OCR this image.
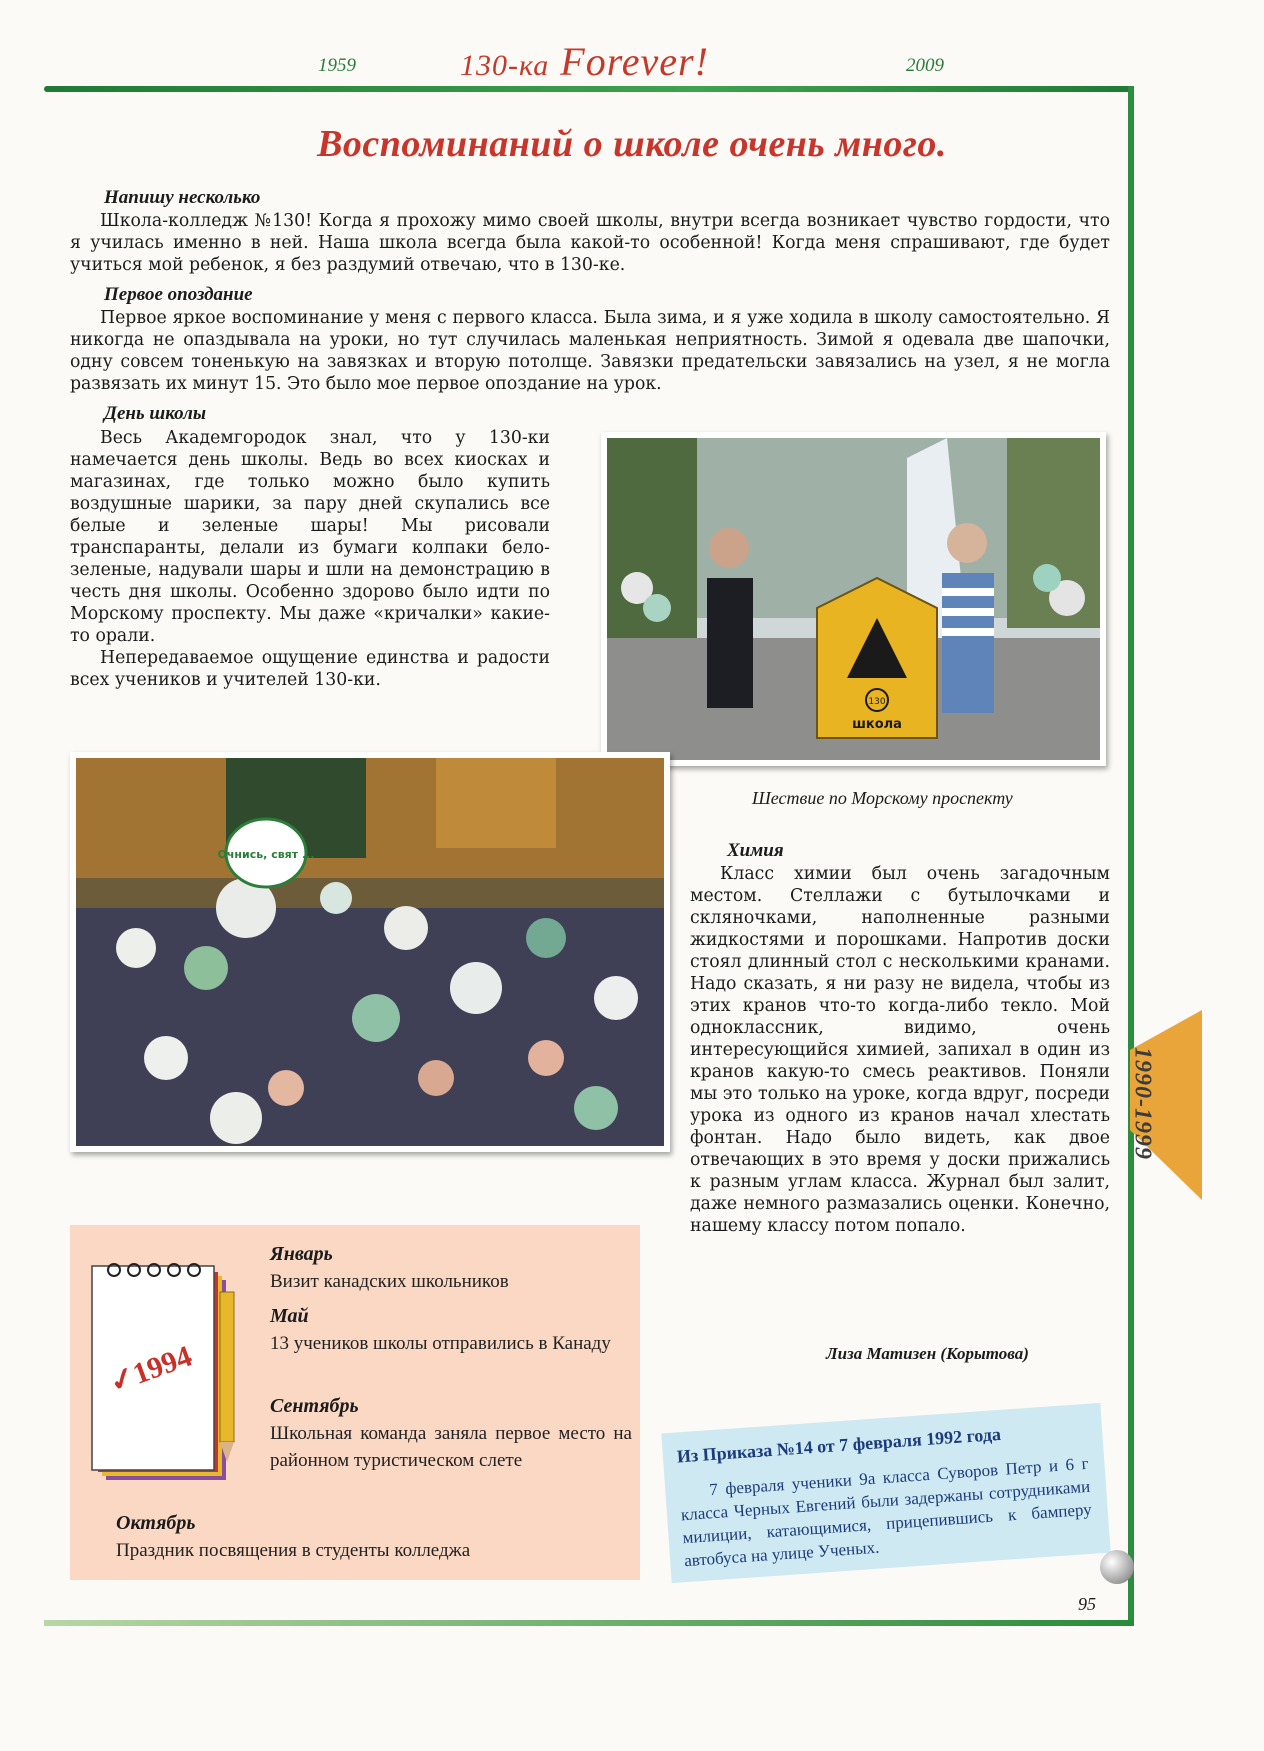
1959	130-ка Forever!	2009
Воспоминаний о школе очень много.
Напишу несколько

Школа-колледж №130! Когда я прохожу мимо своей школы, внутри всегда возникает чувство гордости, что я училась именно в ней. Наша школа всегда была какой-то особенной! Когда меня спрашивают, где будет учиться мой ребенок, я без раздумий отвечаю, что в 130-ке.

Первое опоздание

Первое яркое воспоминание у меня с первого класса. Была зима, и я уже ходила в школу самостоятельно. Я никогда не опаздывала на уроки, но тут случилась маленькая неприятность. Зимой я одевала две шапочки, одну совсем тоненькую на завязках и вторую потолще. Завязки предательски завязались на узел, я не могла развязать их минут 15. Это было мое первое опоздание на урок.

День школы

Весь Академгородок знал, что у 130-ки намечается день школы. Ведь во всех киосках и магазинах, где только можно было купить воздушные шарики, за пару дней скупались все белые и зеленые шары! Мы рисовали транспаранты, делали из бумаги колпаки бело-зеленые, надували шары и шли на демонстрацию в честь дня школы. Особенно здорово было идти по Морскому проспекту. Мы даже «кричалки» какие-то орали.

Непередаваемое ощущение единства и радости всех учеников и учителей 130-ки.

130
школа
Шествие по Морскому проспекту
Очнись, свят ...	Химия

Класс химии был очень загадочным местом. Стеллажи с бутылочками и скляночками, наполненные разными жидкостями и порошками. Напротив доски стоял длинный стол с несколькими кранами. Надо сказать, я ни разу не видела, чтобы из этих кранов что-то когда-либо текло. Мой одноклассник, видимо, очень интересующийся химией, запихал в один из кранов какую-то смесь реактивов. Поняли мы это только на уроке, когда вдруг, посреди урока из одного из кранов начал хлестать фонтан. Надо было видеть, как двое отвечающих в это время у доски прижались к разным углам класса. Журнал был залит, даже немного размазались оценки. Конечно, нашему классу потом попало.

Лиза Матизен (Корытова)
✓1994
Январь
Визит канадских школьников
Май
13 учеников школы отправились в Канаду
Сентябрь
Школьная команда заняла первое место на районном туристическом слете
Октябрь
Праздник посвящения в студенты колледжа
Из Приказа №14 от 7 февраля 1992 года
7 февраля ученики 9а класса Суворов Петр и 6 г класса Черных Евгений были задержаны сотрудниками милиции, катающимися, прицепившись к бамперу автобуса на улице Ученых.
1990-1999
95
